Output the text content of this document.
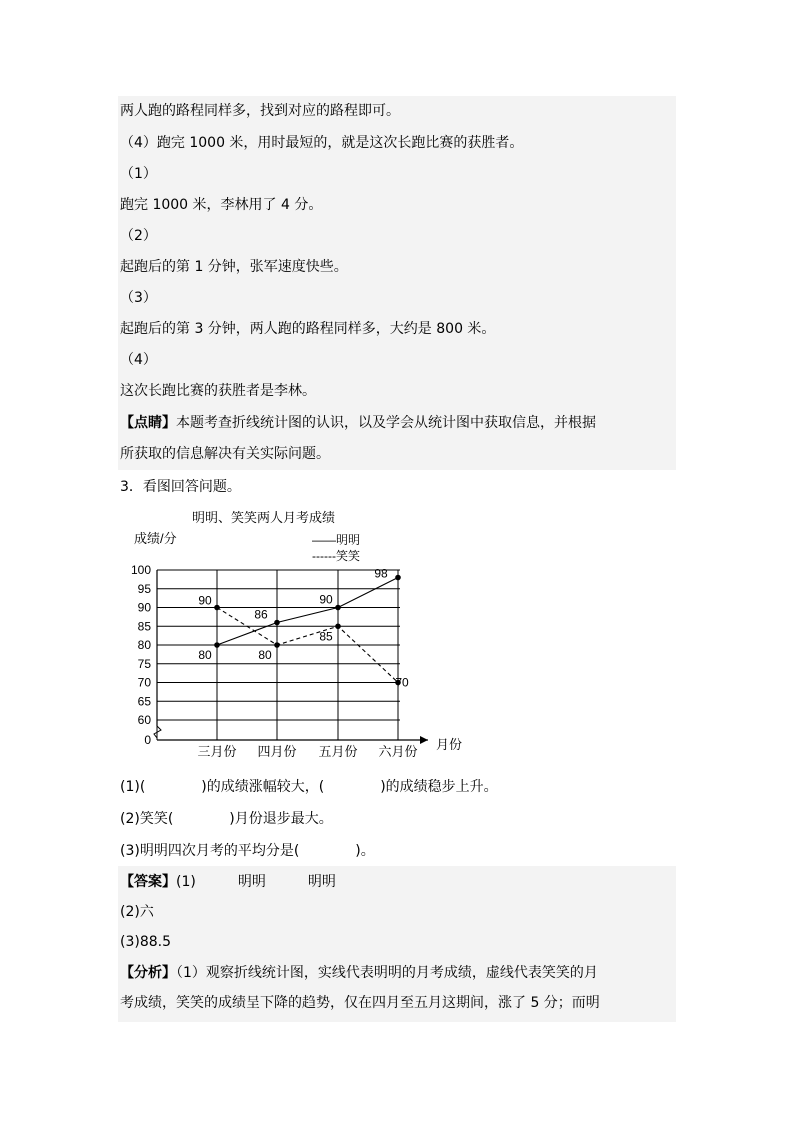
两人跑的路程同样多，找到对应的路程即可。
（4）跑完 1000 米，用时最短的，就是这次长跑比赛的获胜者。
（1）
跑完 1000 米，李林用了 4 分。
（2）
起跑后的第 1 分钟，张军速度快些。
（3）
起跑后的第 3 分钟，两人跑的路程同样多，大约是 800 米。
（4）
这次长跑比赛的获胜者是李林。
【点睛】本题考查折线统计图的认识，以及学会从统计图中获取信息，并根据
所获取的信息解决有关实际问题。
3．看图回答问题。
明明、笑笑两人月考成绩
成绩/分
月份
——明明
------笑笑
100
95
90
85
80
75
70
65
60
0
三月份 四月份 五月份 六月份
80
86
90
98
90
80
85
70
(1)(　　　　)的成绩涨幅较大，(　　　　)的成绩稳步上升。
(2)笑笑(　　　　)月份退步最大。
(3)明明四次月考的平均分是(　　　　)。
【答案】(1)　　　明明　　　明明
(2)六
(3)88.5
【分析】（1）观察折线统计图，实线代表明明的月考成绩，虚线代表笑笑的月
考成绩，笑笑的成绩呈下降的趋势，仅在四月至五月这期间，涨了 5 分；而明
